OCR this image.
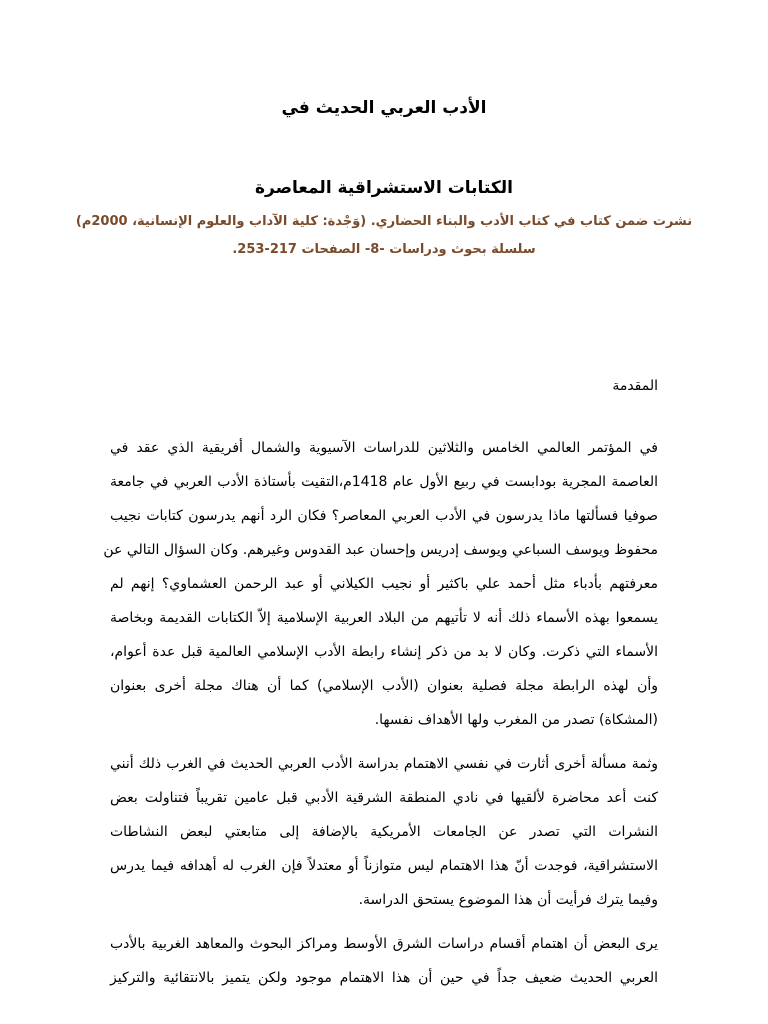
الأدب العربي الحديث في
الكتابات الاستشراقية المعاصرة
نشرت ضمن كتاب في كتاب الأدب والبناء الحضاري. (وَجْدة: كلية الآداب والعلوم الإنسانية، 2000م)
سلسلة بحوث ودراسات -8- الصفحات 217-253.
المقدمة
في المؤتمر العالمي الخامس والثلاثين للدراسات الآسيوية والشمال أفريقية الذي عقد في
العاصمة المجرية بودابست في ربيع الأول عام 1418م،التقيت بأستاذة الأدب العربي في جامعة
صوفيا فسألتها ماذا يدرسون في الأدب العربي المعاصر؟ فكان الرد أنهم يدرسون كتابات نجيب
محفوظ ويوسف السباعي ويوسف إدريس وإحسان عبد القدوس وغيرهم. وكان السؤال التالي عن
معرفتهم بأدباء مثل أحمد علي باكثير أو نجيب الكيلاني أو عبد الرحمن العشماوي؟ إنهم لم
يسمعوا بهذه الأسماء ذلك أنه لا تأتيهم من البلاد العربية الإسلامية إلاّ الكتابات القديمة وبخاصة
الأسماء التي ذكرت. وكان لا بد من ذكر إنشاء رابطة الأدب الإسلامي العالمية قبل عدة أعوام،
وأن لهذه الرابطة مجلة فصلية بعنوان (الأدب الإسلامي) كما أن هناك مجلة أخرى بعنوان
(المشكاة) تصدر من المغرب ولها الأهداف نفسها.
وثمة مسألة أخرى أثارت في نفسي الاهتمام بدراسة الأدب العربي الحديث في الغرب ذلك أنني
كنت أعد محاضرة لألقيها في نادي المنطقة الشرقية الأدبي قبل عامين تقريباً فتناولت بعض
النشرات التي تصدر عن الجامعات الأمريكية بالإضافة إلى متابعتي لبعض النشاطات
الاستشراقية، فوجدت أنّ هذا الاهتمام ليس متوازناً أو معتدلاً فإن الغرب له أهدافه فيما يدرس
وفيما يترك فرأيت أن هذا الموضوع يستحق الدراسة.
يرى البعض أن اهتمام أقسام دراسات الشرق الأوسط ومراكز البحوث والمعاهد الغربية بالأدب
العربي الحديث ضعيف جداً في حين أن هذا الاهتمام موجود ولكن يتميز بالانتقائية والتركيز
